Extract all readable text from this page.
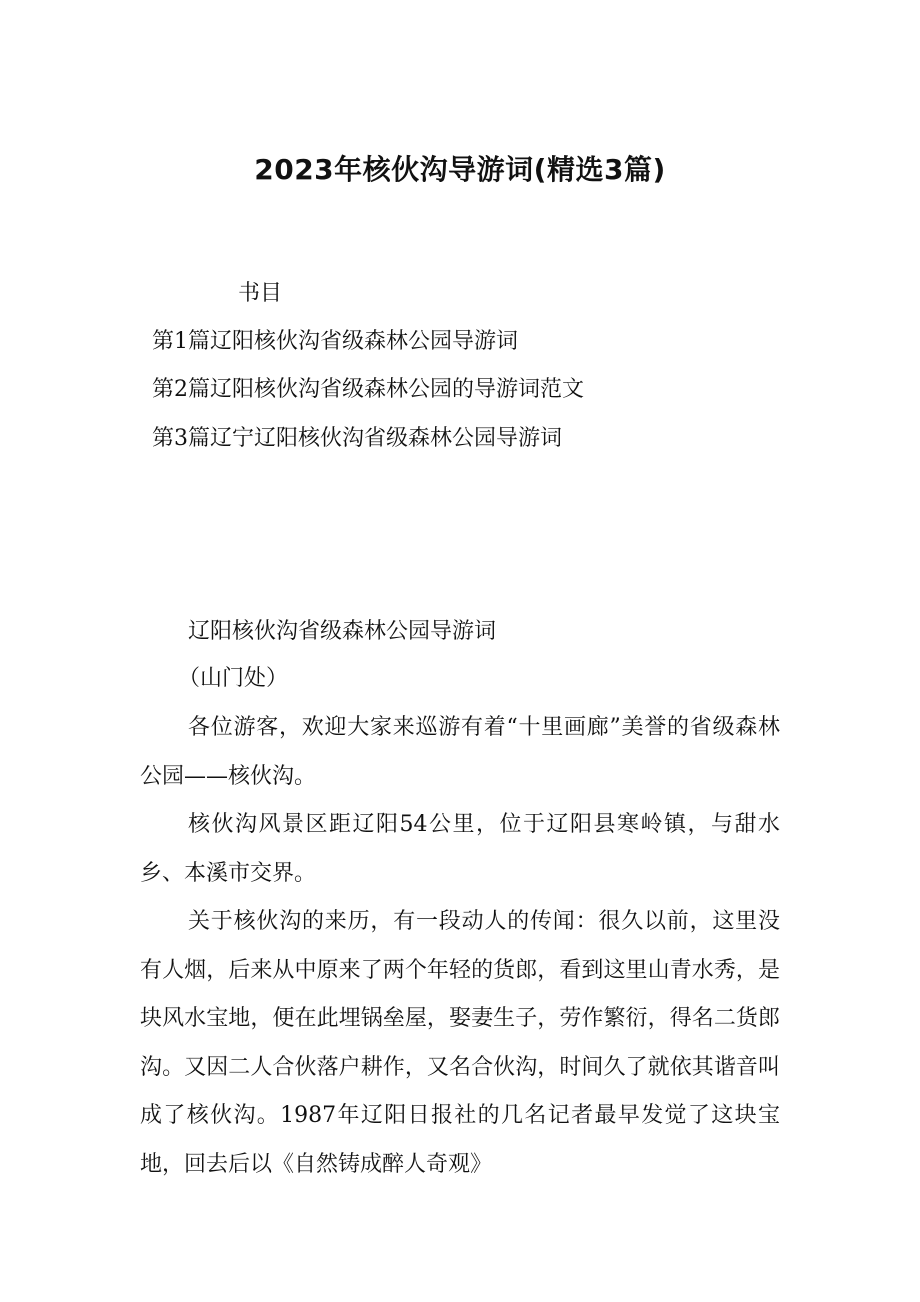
2023年核伙沟导游词(精选3篇)
书目
第1篇辽阳核伙沟省级森林公园导游词
第2篇辽阳核伙沟省级森林公园的导游词范文
第3篇辽宁辽阳核伙沟省级森林公园导游词
辽阳核伙沟省级森林公园导游词
（山门处）

各位游客，欢迎大家来巡游有着“十里画廊”美誉的省级森林公园——核伙沟。

核伙沟风景区距辽阳54公里，位于辽阳县寒岭镇，与甜水乡、本溪市交界。

关于核伙沟的来历，有一段动人的传闻：很久以前，这里没有人烟，后来从中原来了两个年轻的货郎，看到这里山青水秀，是块风水宝地，便在此埋锅垒屋，娶妻生子，劳作繁衍，得名二货郎沟。又因二人合伙落户耕作，又名合伙沟，时间久了就依其谐音叫成了核伙沟。1987年辽阳日报社的几名记者最早发觉了这块宝地，回去后以《自然铸成醉人奇观》
